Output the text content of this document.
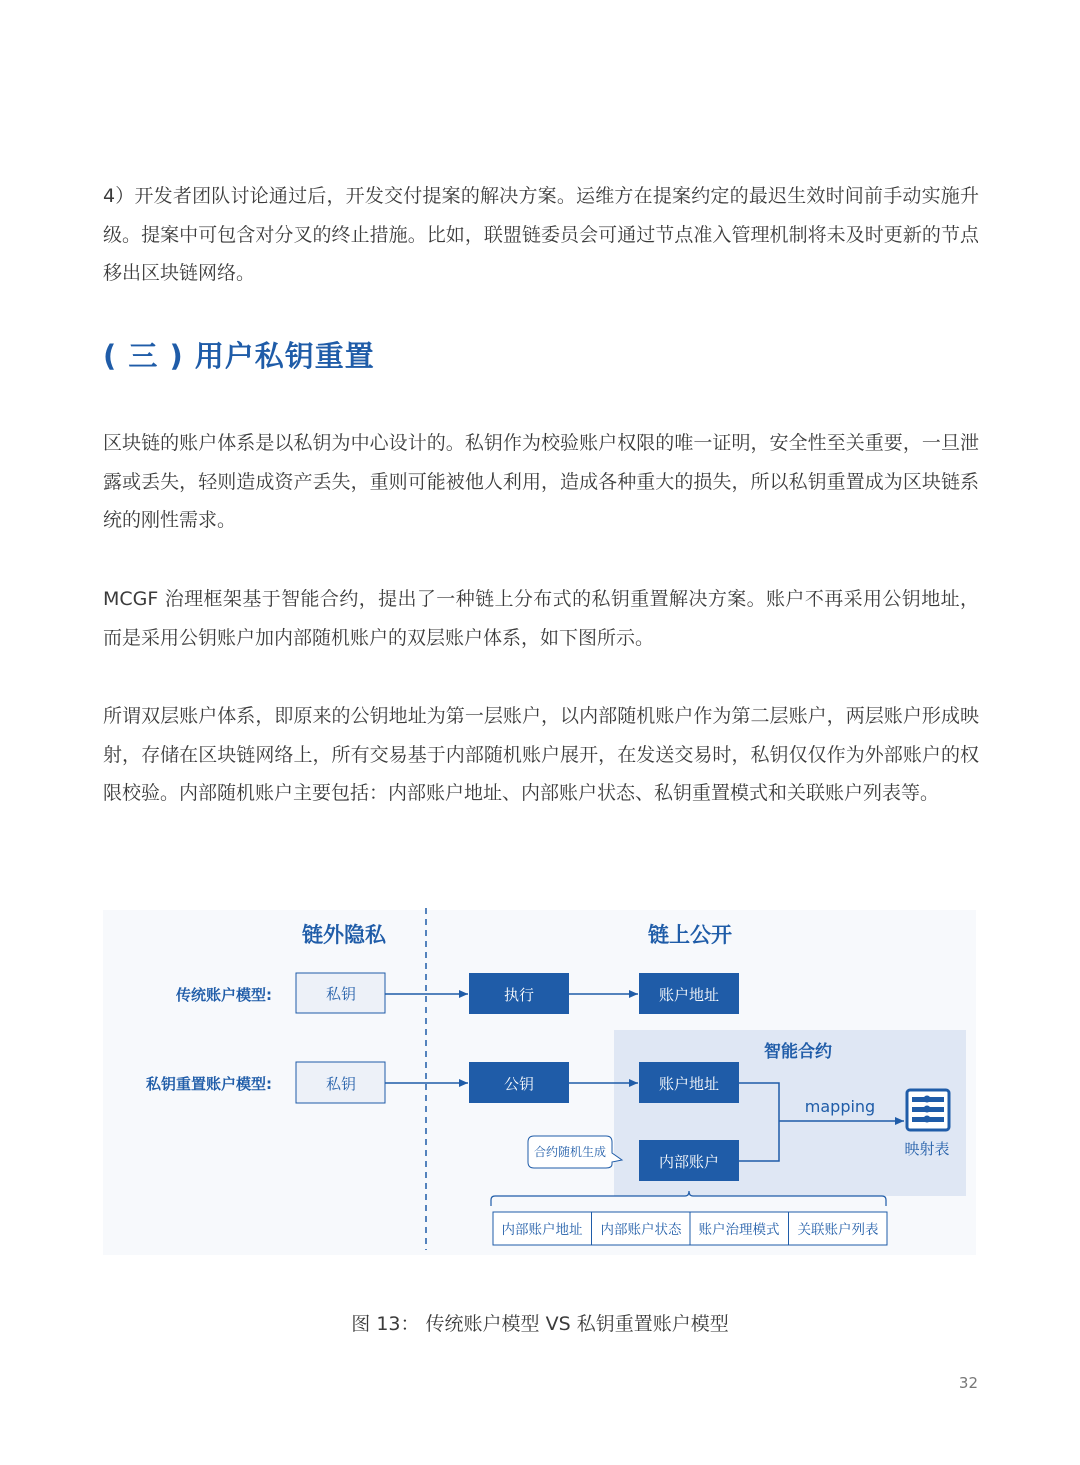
4）开发者团队讨论通过后，开发交付提案的解决方案。运维方在提案约定的最迟生效时间前手动实施升级。提案中可包含对分叉的终止措施。比如，联盟链委员会可通过节点准入管理机制将未及时更新的节点移出区块链网络。

( 三 ) 用户私钥重置

区块链的账户体系是以私钥为中心设计的。私钥作为校验账户权限的唯一证明，安全性至关重要，一旦泄露或丢失，轻则造成资产丢失，重则可能被他人利用，造成各种重大的损失，所以私钥重置成为区块链系统的刚性需求。

MCGF 治理框架基于智能合约，提出了一种链上分布式的私钥重置解决方案。账户不再采用公钥地址，而是采用公钥账户加内部随机账户的双层账户体系，如下图所示。

所谓双层账户体系，即原来的公钥地址为第一层账户，以内部随机账户作为第二层账户，两层账户形成映射，存储在区块链网络上，所有交易基于内部随机账户展开，在发送交易时，私钥仅仅作为外部账户的权限校验。内部随机账户主要包括：内部账户地址、内部账户状态、私钥重置模式和关联账户列表等。

链外隐私	链上公开
智能合约
传统账户模型:
私钥重置账户模型:
私钥	执行	账户地址
私钥	公钥	账户地址
内部账户
合约随机生成
mapping
映射表
内部账户地址 内部账户状态 账户治理模式 关联账户列表

图 13： 传统账户模型 VS 私钥重置账户模型

32
